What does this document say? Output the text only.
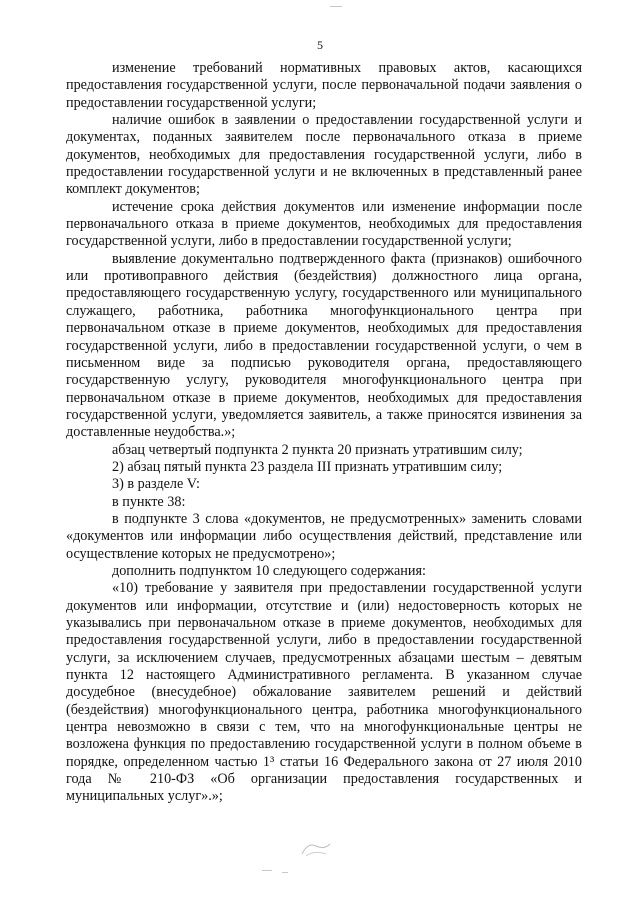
5

изменение требований нормативных правовых актов, касающихся предоставления государственной услуги, после первоначальной подачи заявления о предоставлении государственной услуги;

наличие ошибок в заявлении о предоставлении государственной услуги и документах, поданных заявителем после первоначального отказа в приеме документов, необходимых для предоставления государственной услуги, либо в предоставлении государственной услуги и не включенных в представленный ранее комплект документов;

истечение срока действия документов или изменение информации после первоначального отказа в приеме документов, необходимых для предоставления государственной услуги, либо в предоставлении государственной услуги;

выявление документально подтвержденного факта (признаков) ошибочного или противоправного действия (бездействия) должностного лица органа, предоставляющего государственную услугу, государственного или муниципального служащего, работника, работника многофункционального центра при первоначальном отказе в приеме документов, необходимых для предоставления государственной услуги, либо в предоставлении государственной услуги, о чем в письменном виде за подписью руководителя органа, предоставляющего государственную услугу, руководителя многофункционального центра при первоначальном отказе в приеме документов, необходимых для предоставления государственной услуги, уведомляется заявитель, а также приносятся извинения за доставленные неудобства.»;

абзац четвертый подпункта 2 пункта 20 признать утратившим силу;

2) абзац пятый пункта 23 раздела III признать утратившим силу;

3) в разделе V:

в пункте 38:

в подпункте 3 слова «документов, не предусмотренных» заменить словами «документов или информации либо осуществления действий, представление или осуществление которых не предусмотрено»;

дополнить подпунктом 10 следующего содержания:

«10) требование у заявителя при предоставлении государственной услуги документов или информации, отсутствие и (или) недостоверность которых не указывались при первоначальном отказе в приеме документов, необходимых для предоставления государственной услуги, либо в предоставлении государственной услуги, за исключением случаев, предусмотренных абзацами шестым – девятым пункта 12 настоящего Административного регламента. В указанном случае досудебное (внесудебное) обжалование заявителем решений и действий (бездействия) многофункционального центра, работника многофункционального центра невозможно в связи с тем, что на многофункциональные центры не возложена функция по предоставлению государственной услуги в полном объеме в порядке, определенном частью 1³ статьи 16 Федерального закона от 27 июля 2010 года № 210-ФЗ «Об организации предоставления государственных и муниципальных услуг».»;
